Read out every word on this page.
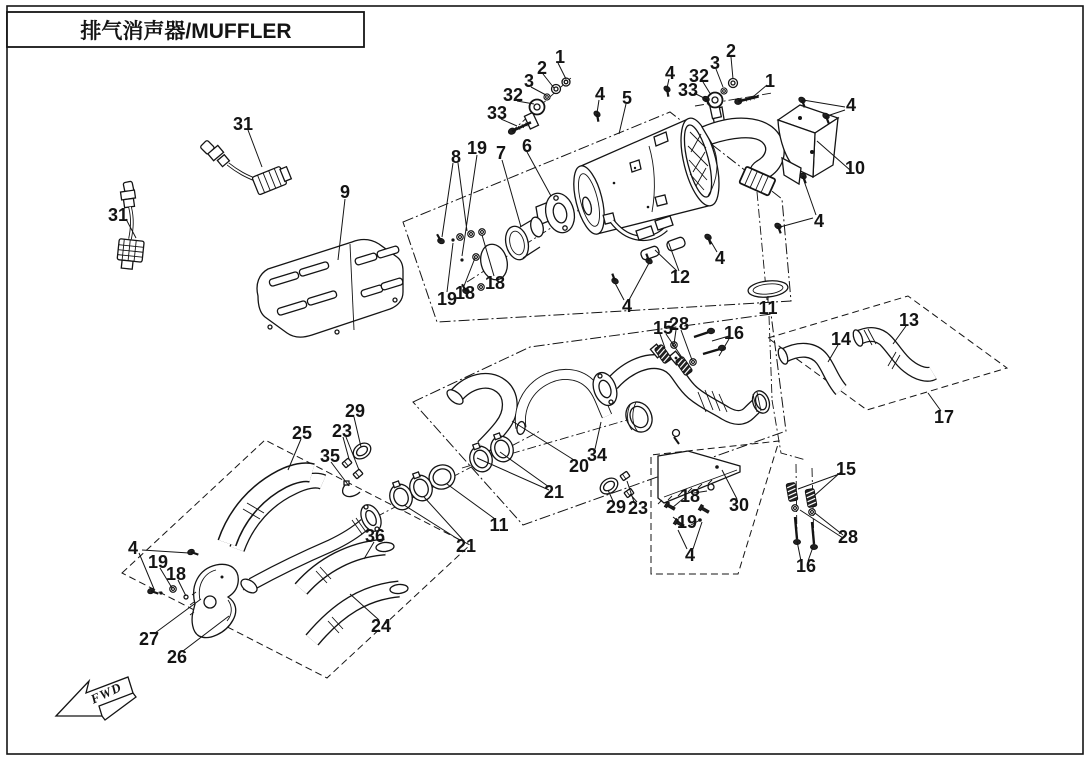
排气消声器/MUFFLER
FWD
1
2
3
32
33
4 5
4
33
32
3
2
1
4
10
4
31
31
9
8 19 7 6
19
18 18	12
4
4
11
15
28 16
13
14
17
20
34
21
21
11
29
23
25
35
36
24
4
19
18
27
26
29 23
18
19
4
30
15
28
16
